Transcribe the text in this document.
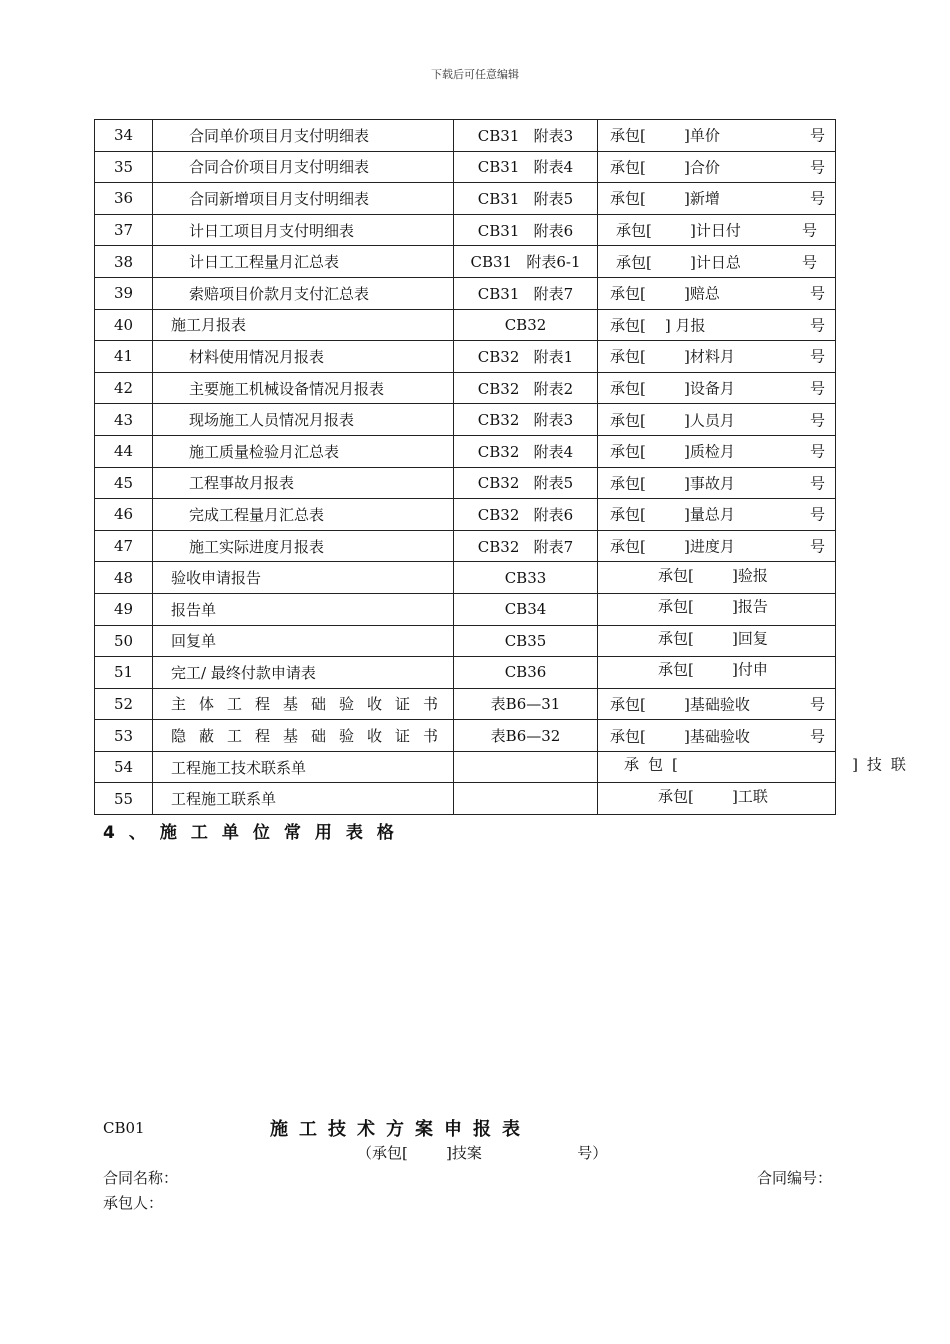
下载后可任意编辑
34	合同单价项目月支付明细表	CB31   附表3	承包[        ]单价 号

35	合同合价项目月支付明细表	CB31   附表4	承包[        ]合价 号

36	合同新增项目月支付明细表	CB31   附表5	承包[        ]新增 号

37	计日工项目月支付明细表	CB31   附表6	承包[        ]计日付 号

38	计日工工程量月汇总表	CB31   附表6-1	承包[        ]计日总 号

39	索赔项目价款月支付汇总表	CB31   附表7	承包[        ]赔总 号

40	施工月报表	CB32	承包[    ] 月报 号

41	材料使用情况月报表	CB32   附表1	承包[        ]材料月 号

42	主要施工机械设备情况月报表	CB32   附表2	承包[        ]设备月 号

43	现场施工人员情况月报表	CB32   附表3	承包[        ]人员月 号

44	施工质量检验月汇总表	CB32   附表4	承包[        ]质检月 号

45	工程事故月报表	CB32   附表5	承包[        ]事故月 号

46	完成工程量月汇总表	CB32   附表6	承包[        ]量总月 号

47	施工实际进度月报表	CB32   附表7	承包[        ]进度月 号

48	验收申请报告	CB33	承包[        ]验报

49	报告单	CB34	承包[        ]报告

50	回复单	CB35	承包[        ]回复

51	完工/ 最终付款申请表	CB36	承包[        ]付申

52	主体工程基础验收证书	表B6—31	承包[        ]基础验收 号

53	隐蔽工程基础验收证书	表B6—32	承包[        ]基础验收 号

54	工程施工技术联系单		承包[            ]技联

55	工程施工联系单		承包[        ]工联
4、施工单位常用表格
CB01	施工技术方案申报表
（承包[        ]技案                    号）
合同名称：	合同编号：
承包人：
